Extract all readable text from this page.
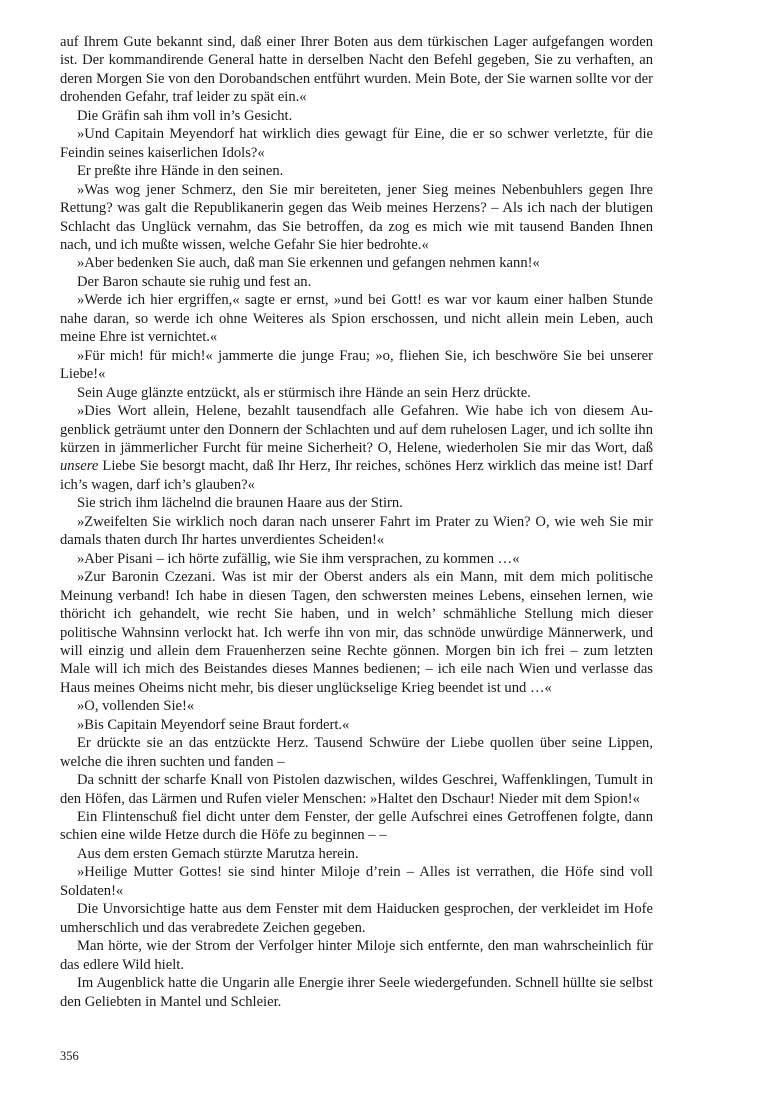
auf Ihrem Gute bekannt sind, daß einer Ihrer Boten aus dem türkischen Lager aufgefangen worden ist. Der kommandirende General hatte in derselben Nacht den Befehl gegeben, Sie zu verhaften, an deren Morgen Sie von den Dorobandschen entführt wurden. Mein Bote, der Sie warnen sollte vor der drohenden Gefahr, traf leider zu spät ein.«

Die Gräfin sah ihm voll in’s Gesicht.

»Und Capitain Meyendorf hat wirklich dies gewagt für Eine, die er so schwer verletzte, für die Feindin seines kaiserlichen Idols?«

Er preßte ihre Hände in den seinen.

»Was wog jener Schmerz, den Sie mir bereiteten, jener Sieg meines Nebenbuhlers gegen Ihre Rettung? was galt die Republikanerin gegen das Weib meines Herzens? – Als ich nach der blutigen Schlacht das Unglück vernahm, das Sie betroffen, da zog es mich wie mit tausend Banden Ihnen nach, und ich mußte wissen, welche Gefahr Sie hier bedrohte.«

»Aber bedenken Sie auch, daß man Sie erkennen und gefangen nehmen kann!«

Der Baron schaute sie ruhig und fest an.

»Werde ich hier ergriffen,« sagte er ernst, »und bei Gott! es war vor kaum einer halben Stunde nahe daran, so werde ich ohne Weiteres als Spion erschossen, und nicht allein mein Leben, auch meine Ehre ist vernichtet.«

»Für mich! für mich!« jammerte die junge Frau; »o, fliehen Sie, ich beschwöre Sie bei unserer Liebe!«

Sein Auge glänzte entzückt, als er stürmisch ihre Hände an sein Herz drückte.

»Dies Wort allein, Helene, bezahlt tausendfach alle Gefahren. Wie habe ich von diesem Augenblick geträumt unter den Donnern der Schlachten und auf dem ruhelosen Lager, und ich sollte ihn kürzen in jämmerlicher Furcht für meine Sicherheit? O, Helene, wiederholen Sie mir das Wort, daß unsere Liebe Sie besorgt macht, daß Ihr Herz, Ihr reiches, schönes Herz wirklich das meine ist! Darf ich’s wagen, darf ich’s glauben?«

Sie strich ihm lächelnd die braunen Haare aus der Stirn.

»Zweifelten Sie wirklich noch daran nach unserer Fahrt im Prater zu Wien? O, wie weh Sie mir damals thaten durch Ihr hartes unverdientes Scheiden!«

»Aber Pisani – ich hörte zufällig, wie Sie ihm versprachen, zu kommen …«

»Zur Baronin Czezani. Was ist mir der Oberst anders als ein Mann, mit dem mich politische Meinung verband! Ich habe in diesen Tagen, den schwersten meines Lebens, einsehen lernen, wie thöricht ich gehandelt, wie recht Sie haben, und in welch’ schmähliche Stellung mich dieser politische Wahnsinn verlockt hat. Ich werfe ihn von mir, das schnöde unwürdige Männerwerk, und will einzig und allein dem Frauenherzen seine Rechte gönnen. Morgen bin ich frei – zum letzten Male will ich mich des Beistandes dieses Mannes bedienen; – ich eile nach Wien und verlasse das Haus meines Oheims nicht mehr, bis dieser unglückselige Krieg beendet ist und …«

»O, vollenden Sie!«

»Bis Capitain Meyendorf seine Braut fordert.«

Er drückte sie an das entzückte Herz. Tausend Schwüre der Liebe quollen über seine Lippen, welche die ihren suchten und fanden –

Da schnitt der scharfe Knall von Pistolen dazwischen, wildes Geschrei, Waffenklingen, Tumult in den Höfen, das Lärmen und Rufen vieler Menschen: »Haltet den Dschaur! Nieder mit dem Spion!«

Ein Flintenschuß fiel dicht unter dem Fenster, der gelle Aufschrei eines Getroffenen folgte, dann schien eine wilde Hetze durch die Höfe zu beginnen – –

Aus dem ersten Gemach stürzte Marutza herein.

»Heilige Mutter Gottes! sie sind hinter Miloje d’rein – Alles ist verrathen, die Höfe sind voll Soldaten!«

Die Unvorsichtige hatte aus dem Fenster mit dem Haiducken gesprochen, der verkleidet im Hofe umherschlich und das verabredete Zeichen gegeben.

Man hörte, wie der Strom der Verfolger hinter Miloje sich entfernte, den man wahrscheinlich für das edlere Wild hielt.

Im Augenblick hatte die Ungarin alle Energie ihrer Seele wiedergefunden. Schnell hüllte sie selbst den Geliebten in Mantel und Schleier.

356
